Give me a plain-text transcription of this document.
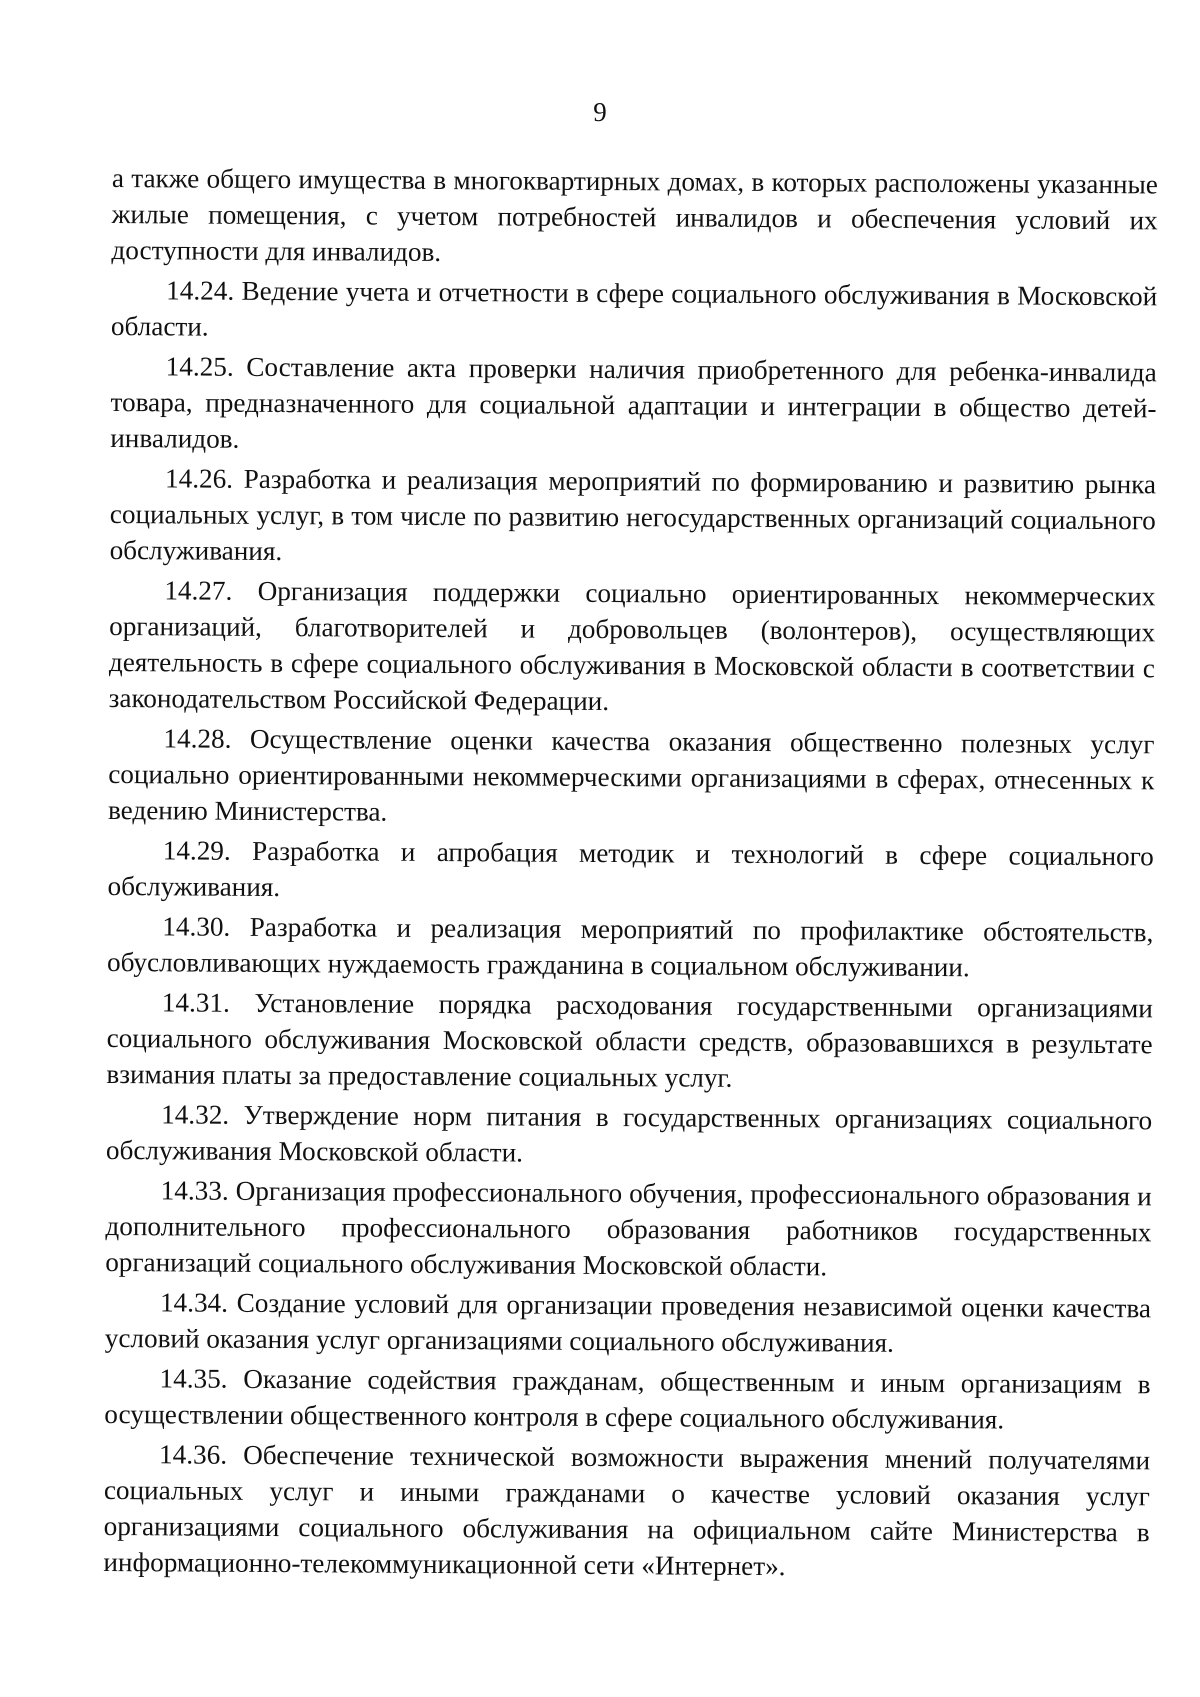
9

а также общего имущества в многоквартирных домах, в которых расположены указанные жилые помещения, с учетом потребностей инвалидов и обеспечения условий их доступности для инвалидов.

14.24. Ведение учета и отчетности в сфере социального обслуживания в Московской области.

14.25. Составление акта проверки наличия приобретенного для ребенка-инвалида товара, предназначенного для социальной адаптации и интеграции в общество детей-инвалидов.

14.26. Разработка и реализация мероприятий по формированию и развитию рынка социальных услуг, в том числе по развитию негосударственных организаций социального обслуживания.

14.27. Организация поддержки социально ориентированных некоммерческих организаций, благотворителей и добровольцев (волонтеров), осуществляющих деятельность в сфере социального обслуживания в Московской области в соответствии с законодательством Российской Федерации.

14.28. Осуществление оценки качества оказания общественно полезных услуг социально ориентированными некоммерческими организациями в сферах, отнесенных к ведению Министерства.

14.29. Разработка и апробация методик и технологий в сфере социального обслуживания.

14.30. Разработка и реализация мероприятий по профилактике обстоятельств, обусловливающих нуждаемость гражданина в социальном обслуживании.

14.31. Установление порядка расходования государственными организациями социального обслуживания Московской области средств, образовавшихся в результате взимания платы за предоставление социальных услуг.

14.32. Утверждение норм питания в государственных организациях социального обслуживания Московской области.

14.33. Организация профессионального обучения, профессионального образования и дополнительного профессионального образования работников государственных организаций социального обслуживания Московской области.

14.34. Создание условий для организации проведения независимой оценки качества условий оказания услуг организациями социального обслуживания.

14.35. Оказание содействия гражданам, общественным и иным организациям в осуществлении общественного контроля в сфере социального обслуживания.

14.36. Обеспечение технической возможности выражения мнений получателями социальных услуг и иными гражданами о качестве условий оказания услуг организациями социального обслуживания на официальном сайте Министерства в информационно-телекоммуникационной сети «Интернет».
